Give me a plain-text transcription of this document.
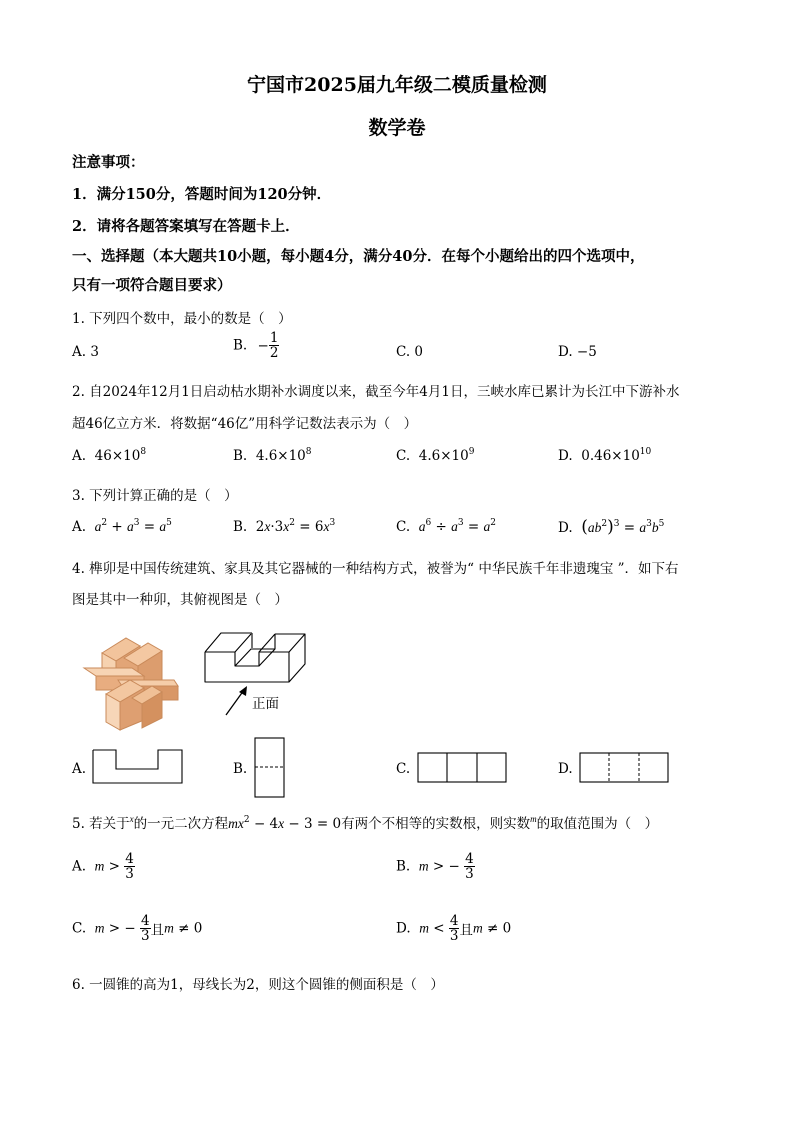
宁国市2025届九年级二模质量检测
数学卷
注意事项：
1．满分150分，答题时间为120分钟．
2．请将各题答案填写在答题卡上．
一、选择题（本大题共10小题，每小题4分，满分40分．在每个小题给出的四个选项中，
只有一项符合题目要求）
1. 下列四个数中，最小的数是（　）
A. 3	B. − $\frac{1}{2}$	C. 0	D. −5
2. 自2024年12月1日启动枯水期补水调度以来，截至今年4月1日，三峡水库已累计为长江中下游补水
超46亿立方米．将数据“46亿”用科学记数法表示为（　）
A. $46\times 10^8$	B. $4.6\times 10^8$	C. $4.6\times 10^9$	D. $0.46\times 10^{10}$
3. 下列计算正确的是（　）
A. $a^2 + a^3 = a^5$	B.  $2x\cdot 3x^2 = 6x^3$	C. $a^6 \div a^3 = a^2$	D. $(ab^2)^3 = a^3b^5$
4. 榫卯是中国传统建筑、家具及其它器械的一种结构方式，被誉为“ 中华民族千年非遗瑰宝 ”．如下右
图是其中一种卯，其俯视图是（　）
正面
A.	B.	C.	D.
5. 若关于$^x$的一元二次方程$mx^2 - 4x - 3 = 0$有两个不相等的实数根，则实数$^m$的取值范围为（　）
A. $m > \frac{4}{3}$	B. m > − $\frac{4}{3}$
C. m > − $\frac{4}{3}$ 且m ≠ 0	D. $m < \frac{4}{3}$ 且m ≠ 0
6. 一圆锥的高为1，母线长为2，则这个圆锥的侧面积是（　）
